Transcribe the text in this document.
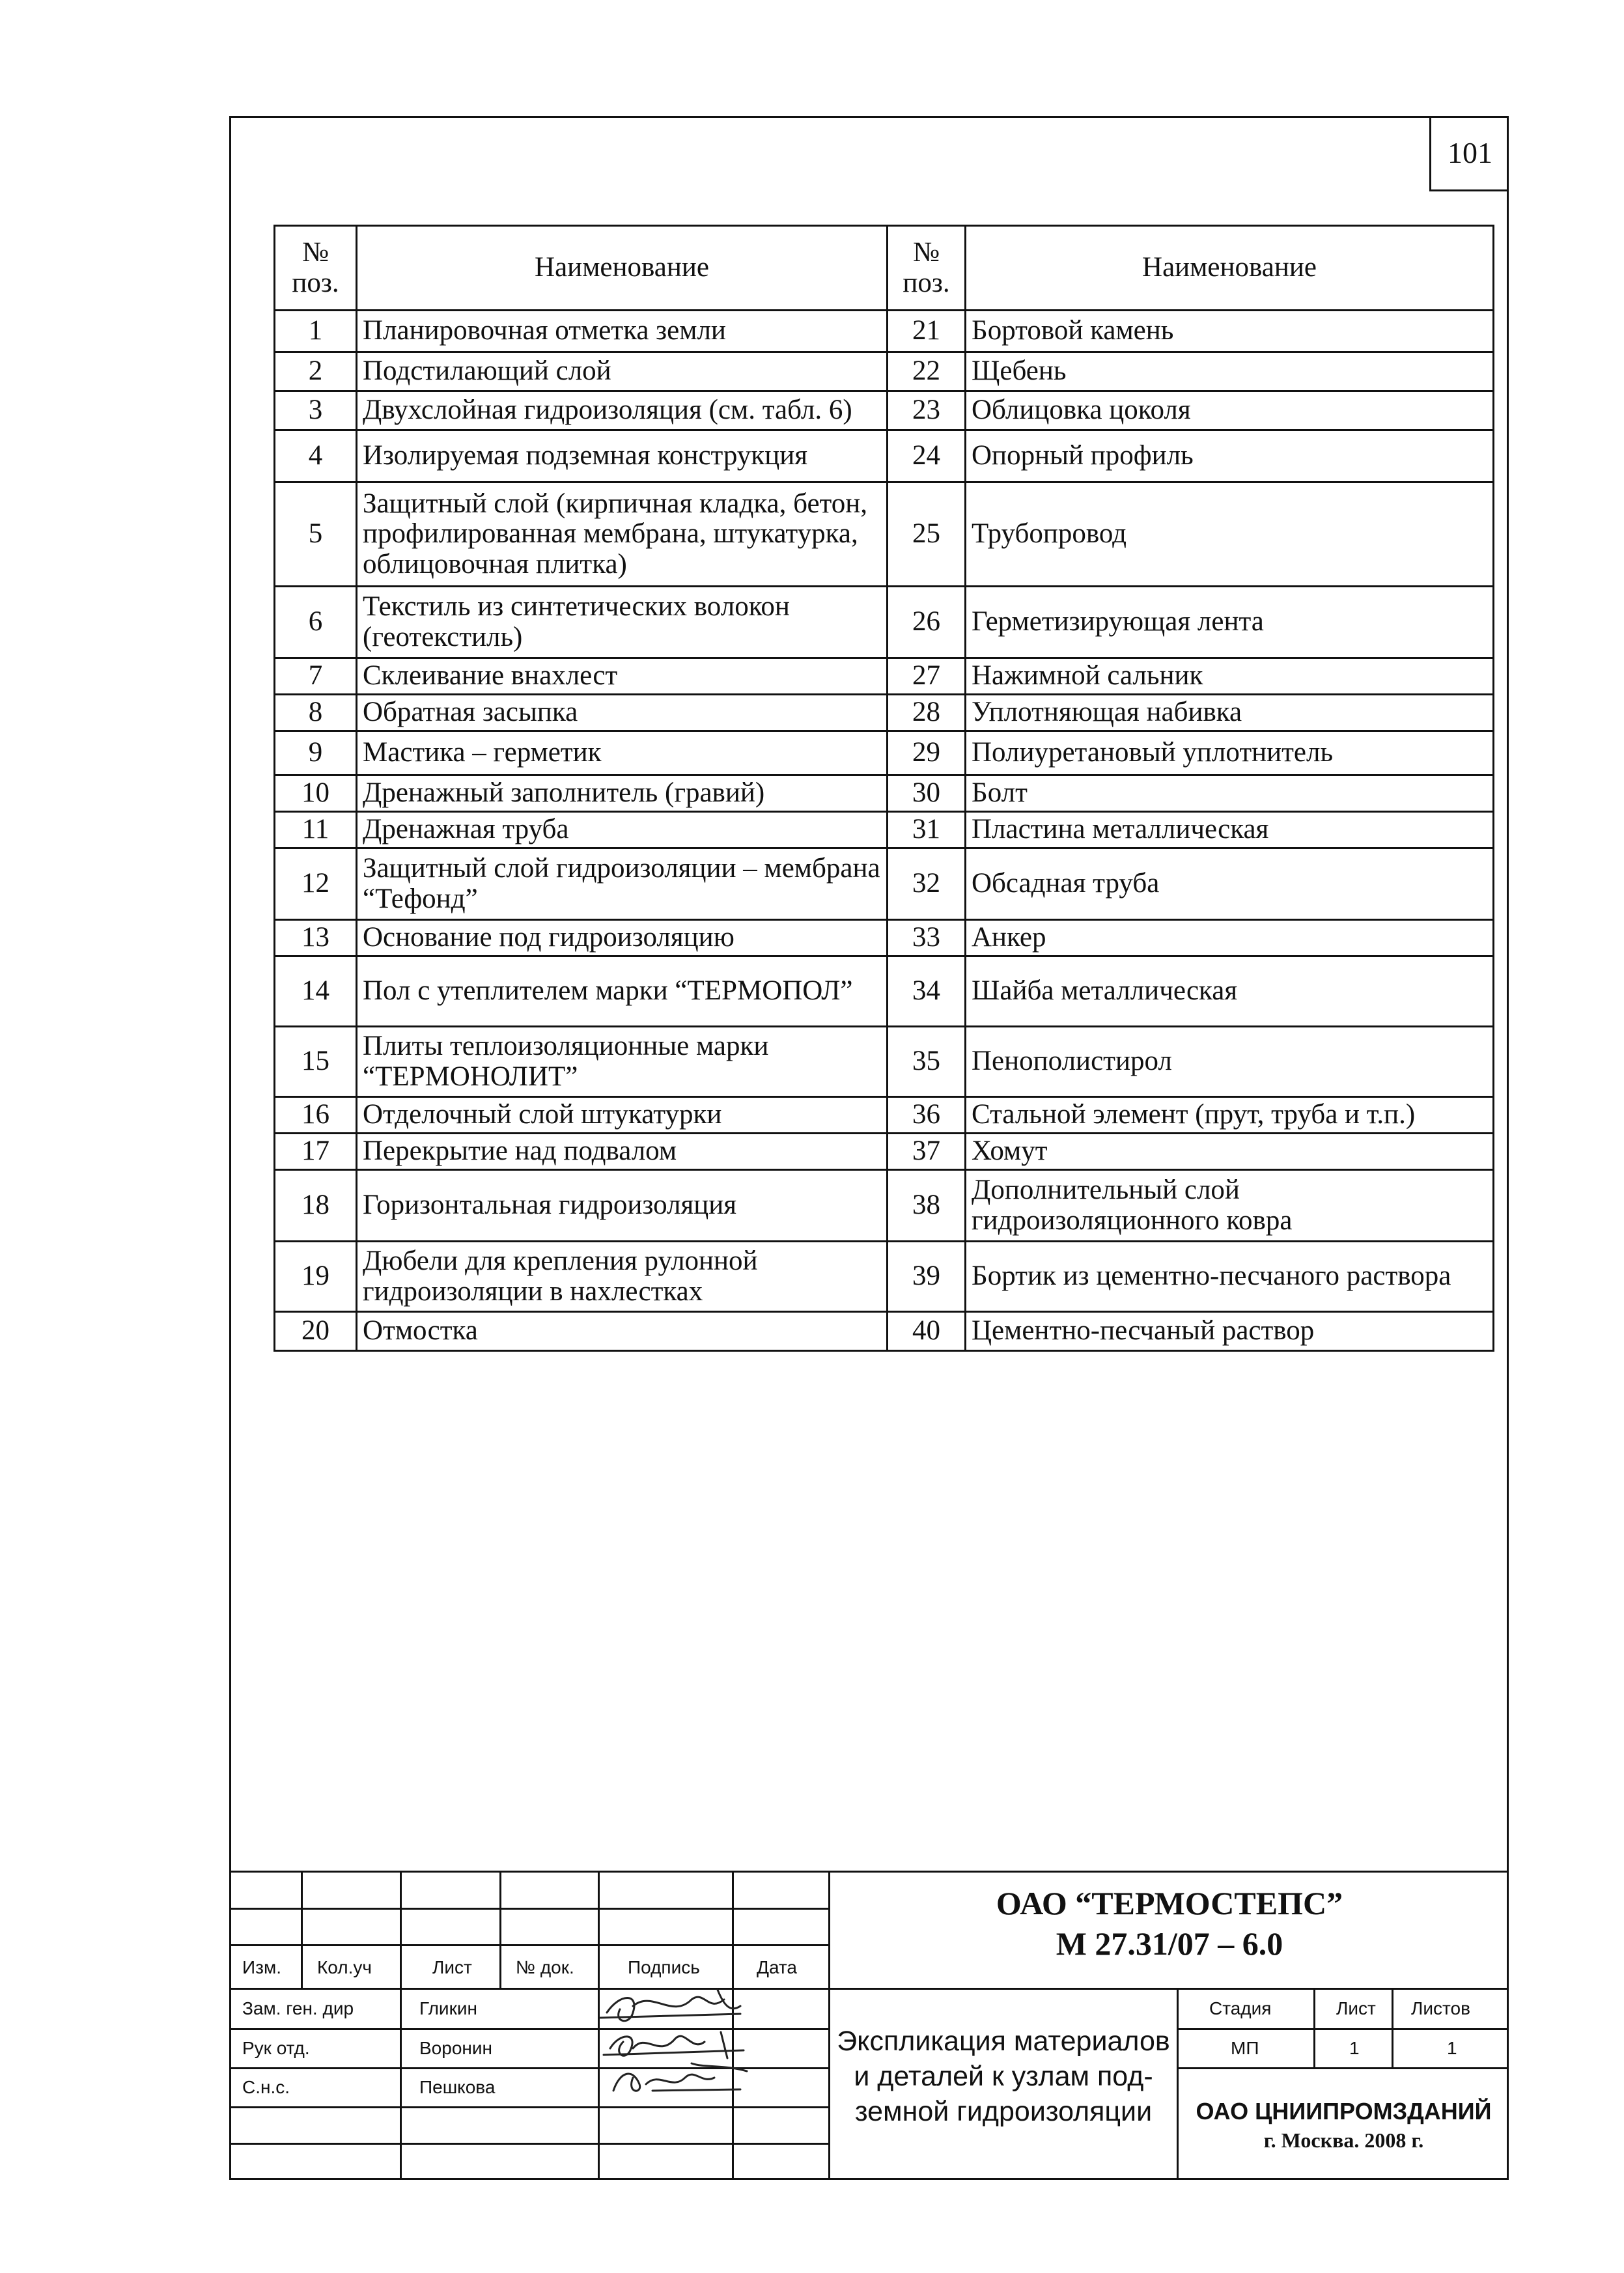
101
№ поз.	Наименование	№ поз.	Наименование
1	Планировочная отметка земли	21	Бортовой камень
2	Подстилающий слой	22	Щебень
3	Двухслойная гидроизоляция (см. табл. 6)	23	Облицовка цоколя
4	Изолируемая подземная конструкция	24	Опорный профиль
5	Защитный слой (кирпичная кладка, бетон, профилированная мембрана, штукатурка, облицовочная плитка)	25	Трубопровод
6	Текстиль из синтетических волокон (геотекстиль)	26	Герметизирующая лента
7	Склеивание внахлест	27	Нажимной сальник
8	Обратная засыпка	28	Уплотняющая набивка
9	Мастика – герметик	29	Полиуретановый уплотнитель
10	Дренажный заполнитель (гравий)	30	Болт
11	Дренажная труба	31	Пластина металлическая
12	Защитный слой гидроизоляции – мембрана “Тефонд”	32	Обсадная труба
13	Основание под гидроизоляцию	33	Анкер
14	Пол с утеплителем марки “ТЕРМОПОЛ”	34	Шайба металлическая
15	Плиты теплоизоляционные марки “ТЕРМОНОЛИТ”	35	Пенополистирол
16	Отделочный слой штукатурки	36	Стальной элемент (прут, труба и т.п.)
17	Перекрытие над подвалом	37	Хомут
18	Горизонтальная гидроизоляция	38	Дополнительный слой гидроизоляционного ковра
19	Дюбели для крепления рулонной гидроизоляции в нахлестках	39	Бортик из цементно-песчаного раствора
20	Отмостка	40	Цементно-песчаный раствор
Изм. Кол.уч	Лист № док.	Подпись	Дата
Зам. ген. дир	Гликин
Рук отд.	Воронин
С.н.с.	Пешкова
ОАО “ТЕРМОСТЕПС”
М 27.31/07 – 6.0
Экспликация материалов
и деталей к узлам под-
земной гидроизоляции
Стадия	Лист Листов
МП	1	1
ОАО ЦНИИПРОМЗДАНИЙ
г. Москва. 2008 г.
